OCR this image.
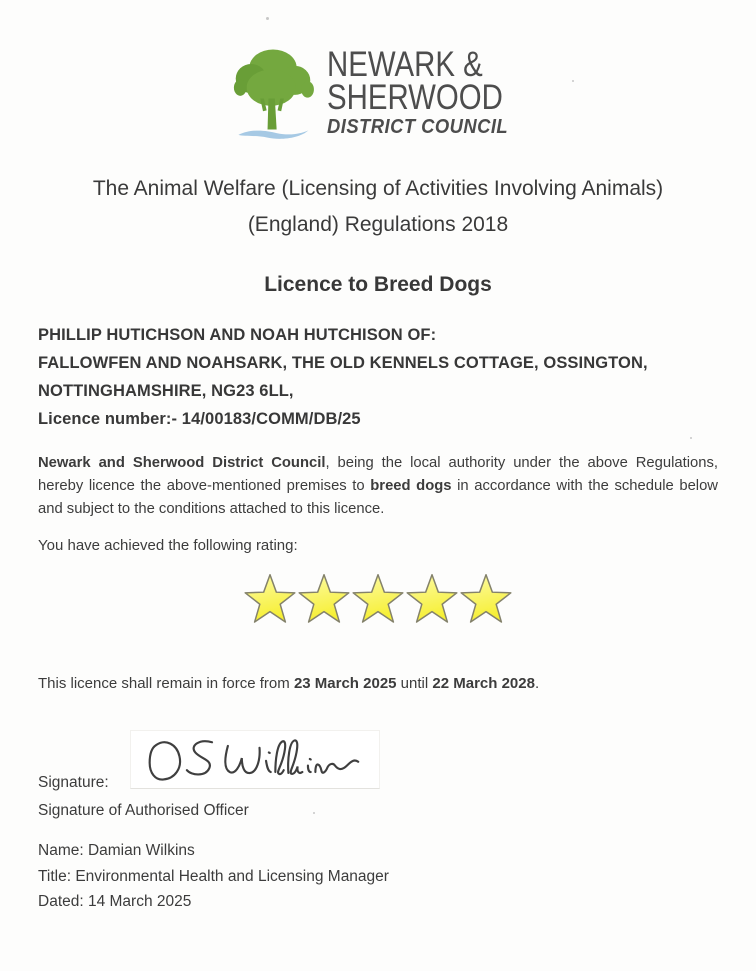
NEWARK &
SHERWOOD
DISTRICT COUNCIL
The Animal Welfare (Licensing of Activities Involving Animals)
(England) Regulations 2018
Licence to Breed Dogs
PHILLIP HUTICHSON AND NOAH HUTCHISON OF:
FALLOWFEN AND NOAHSARK, THE OLD KENNELS COTTAGE, OSSINGTON,
NOTTINGHAMSHIRE, NG23 6LL,
Licence number:- 14/00183/COMM/DB/25

Newark and Sherwood District Council, being the local authority under the above Regulations, hereby licence the above-mentioned premises to breed dogs in accordance with the schedule below and subject to the conditions attached to this licence.

You have achieved the following rating:

This licence shall remain in force from 23 March 2025 until 22 March 2028.

Signature:
Signature of Authorised Officer
Name: Damian Wilkins
Title: Environmental Health and Licensing Manager
Dated: 14 March 2025
